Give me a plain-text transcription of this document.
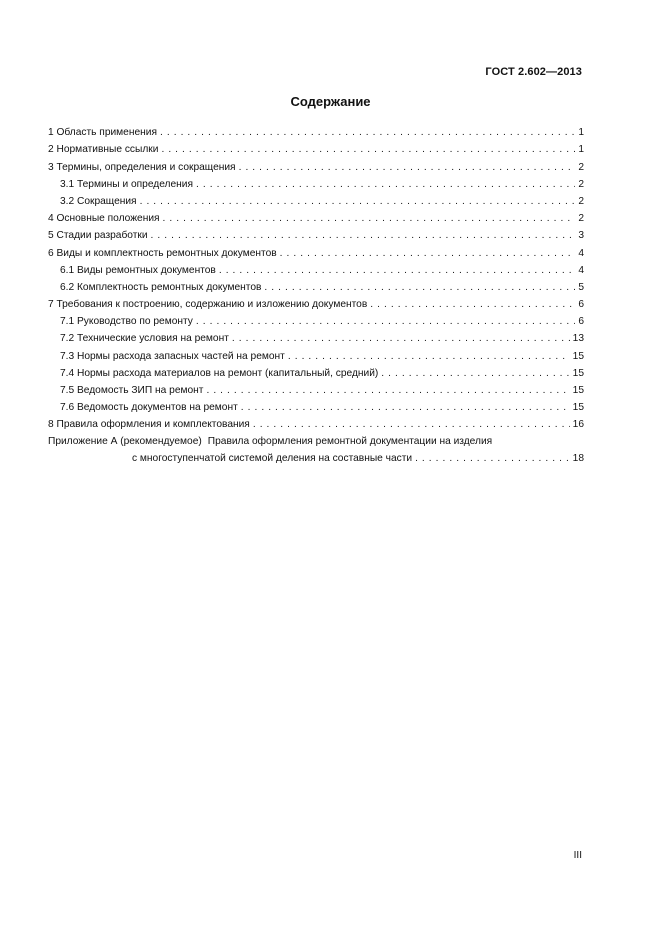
ГОСТ 2.602—2013
Содержание
1 Область применения . . .	1
2 Нормативные ссылки . . .	1
3 Термины, определения и сокращения . . .	2
3.1 Термины и определения . . .	2
3.2 Сокращения . . .	2
4 Основные положения . . .	2
5 Стадии разработки . . .	3
6 Виды и комплектность ремонтных документов . . .	4
6.1 Виды ремонтных документов . . .	4
6.2 Комплектность ремонтных документов . . .	5
7 Требования к построению, содержанию и изложению документов . . .	6
7.1 Руководство по ремонту . . .	6
7.2 Технические условия на ремонт . . .	13
7.3 Нормы расхода запасных частей на ремонт . . .	15
7.4 Нормы расхода материалов на ремонт (капитальный, средний) . . .	15
7.5 Ведомость ЗИП на ремонт . . .	15
7.6 Ведомость документов на ремонт . . .	15
8 Правила оформления и комплектования . . .	16
Приложение А (рекомендуемое) Правила оформления ремонтной документации на изделия
с многоступенчатой системой деления на составные части . . .	18
III
